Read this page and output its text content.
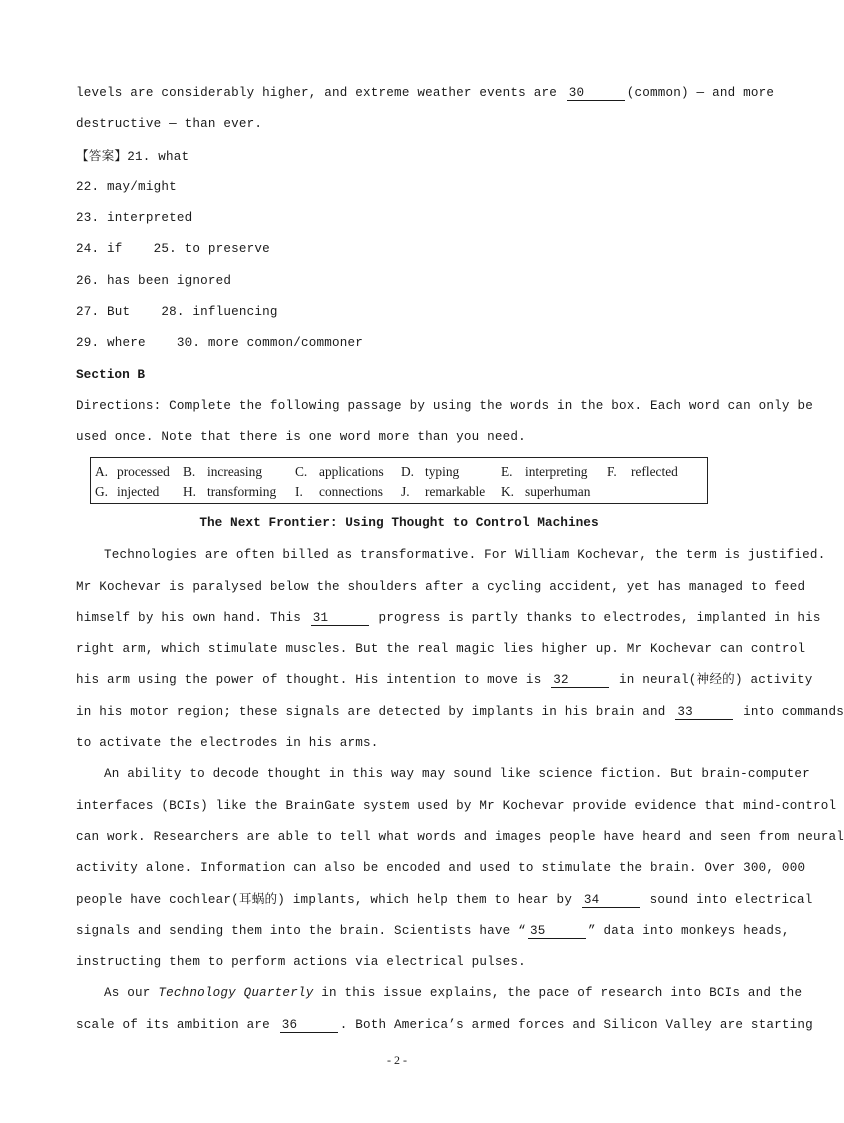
levels are considerably higher, and extreme weather events are 30	(common) — and more
destructive — than ever.
【答案】21. what
22. may/might
23. interpreted
24. if    25. to preserve
26. has been ignored
27. But    28. influencing
29. where    30. more common/commoner
Section B
Directions: Complete the following passage by using the words in the box. Each word can only be
used once. Note that there is one word more than you need.
A. processed B. increasing	C. applications	D. typing	E. interpreting	F.	reflected
G. injected	H. transforming	I.	connections	J.	remarkable	K. superhuman
The Next Frontier: Using Thought to Control Machines
Technologies are often billed as transformative. For William Kochevar, the term is justified.
Mr Kochevar is paralysed below the shoulders after a cycling accident, yet has managed to feed
himself by his own hand. This 31	progress is partly thanks to electrodes, implanted in his
right arm, which stimulate muscles. But the real magic lies higher up. Mr Kochevar can control
his arm using the power of thought. His intention to move is 32	in neural(神经的) activity
in his motor region; these signals are detected by implants in his brain and 33	into commands
to activate the electrodes in his arms.
An ability to decode thought in this way may sound like science fiction. But brain-computer
interfaces (BCIs) like the BrainGate system used by Mr Kochevar provide evidence that mind-control
can work. Researchers are able to tell what words and images people have heard and seen from neural
activity alone. Information can also be encoded and used to stimulate the brain. Over 300, 000
people have cochlear(耳蜗的) implants, which help them to hear by 34	sound into electrical
signals and sending them into the brain. Scientists have “ 35	” data into monkeys heads,
instructing them to perform actions via electrical pulses.
As our Technology Quarterly in this issue explains, the pace of research into BCIs and the
scale of its ambition are 36	. Both America’s armed forces and Silicon Valley are starting
- 2 -
